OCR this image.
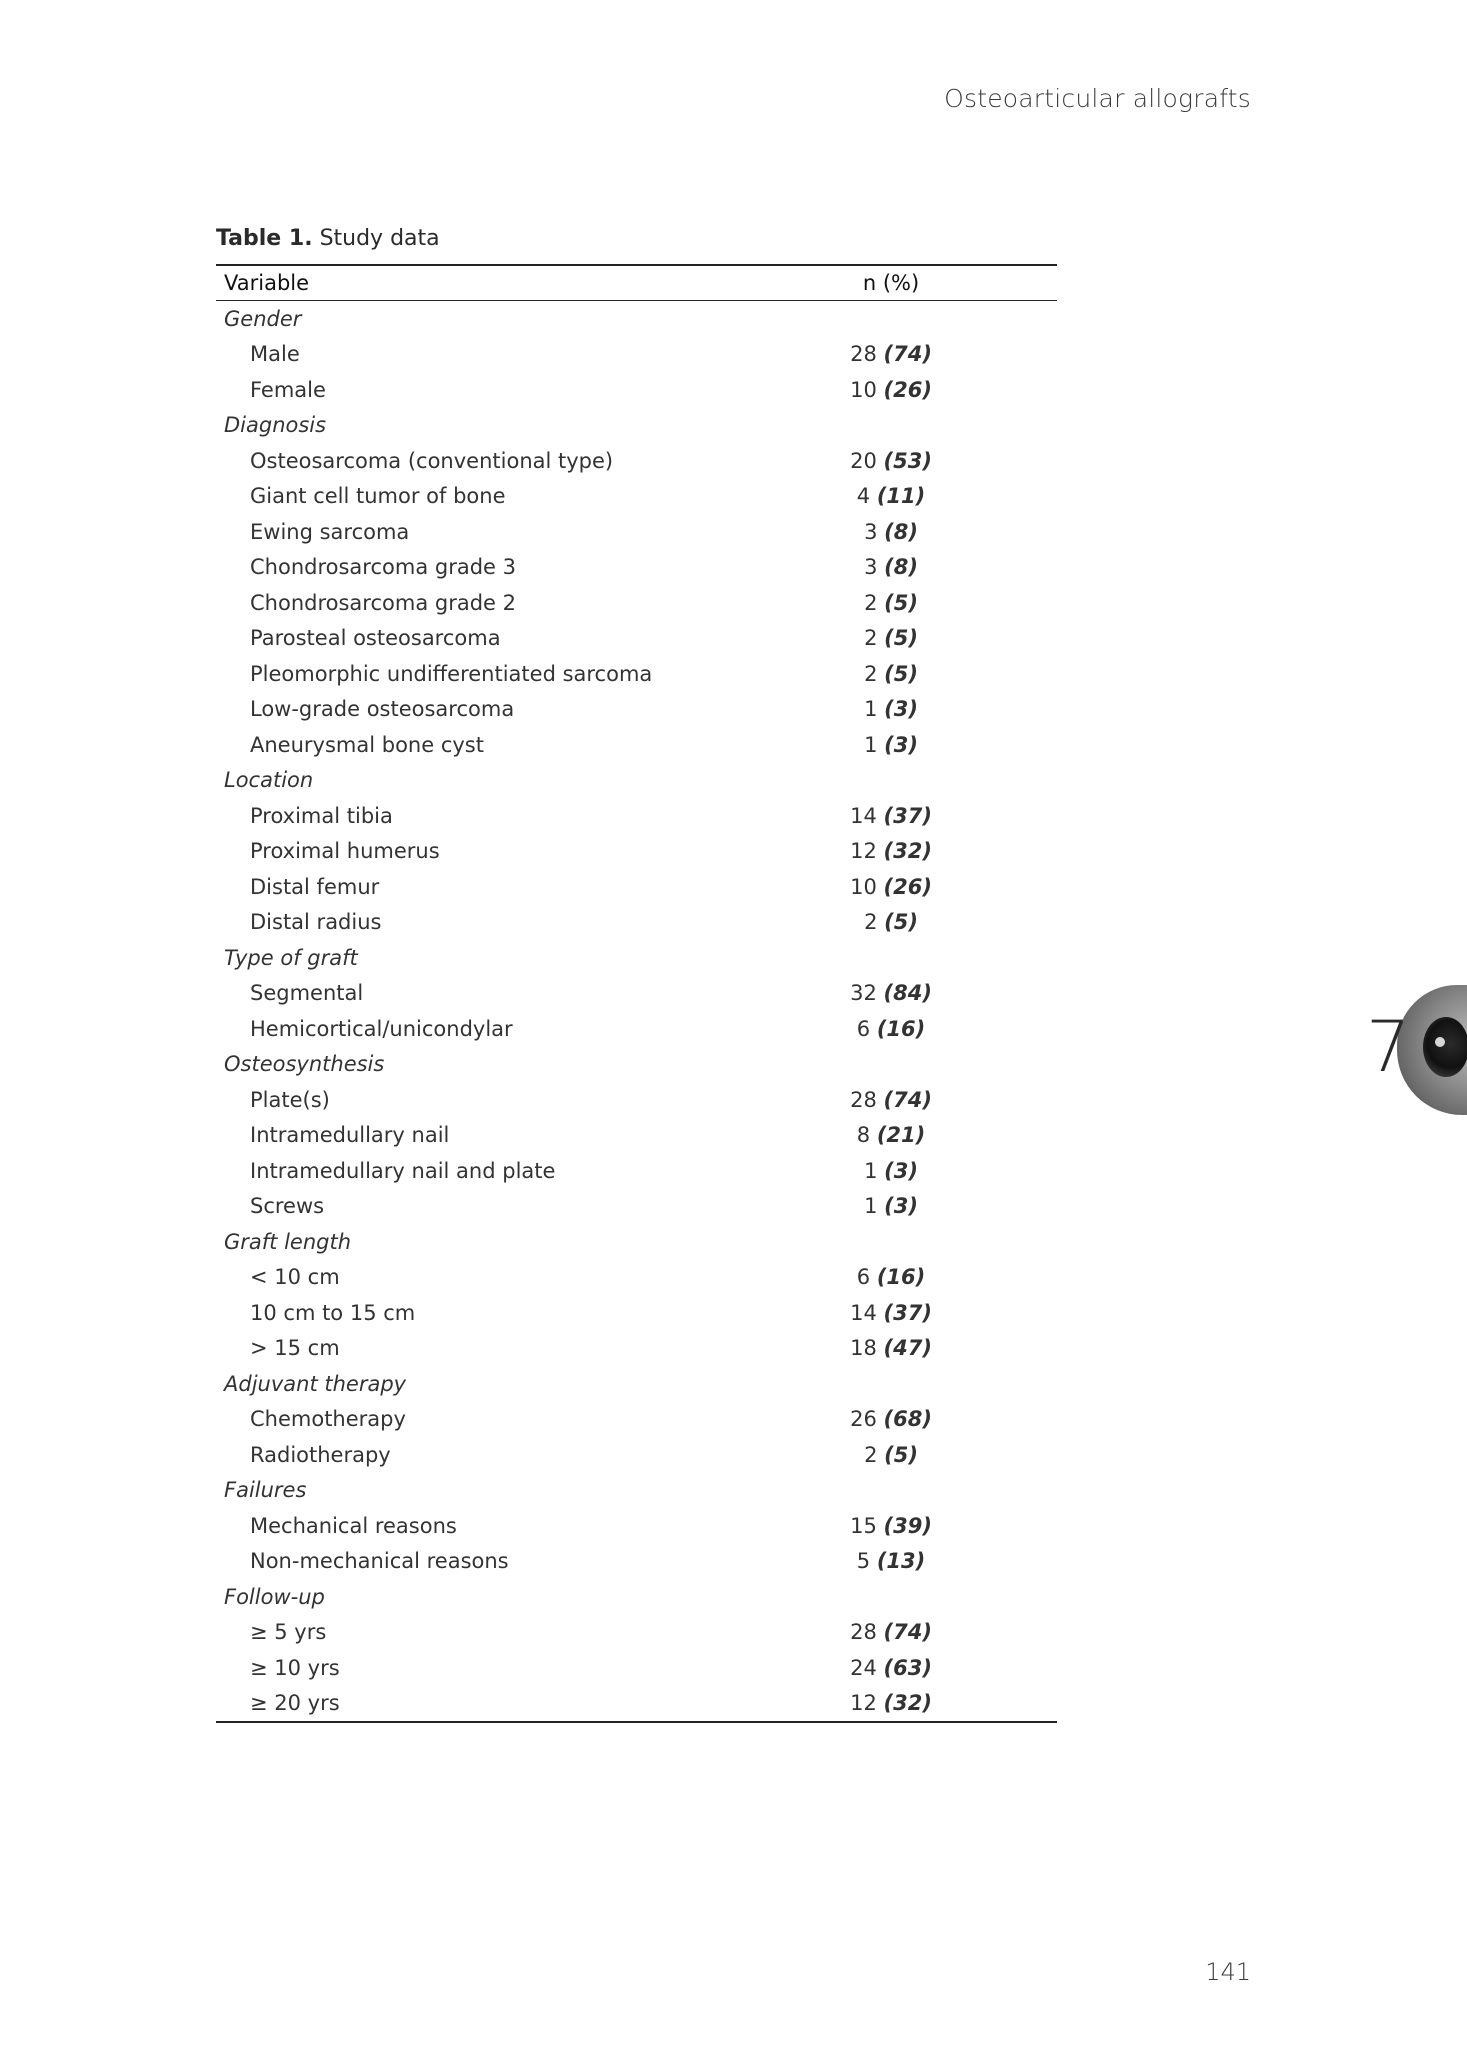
Osteoarticular allografts
Table 1. Study data
Variable	n (%)
Gender	
Male	28 (74)
Female	10 (26)
Diagnosis	
Osteosarcoma (conventional type)	20 (53)
Giant cell tumor of bone	4 (11)
Ewing sarcoma	3 (8)
Chondrosarcoma grade 3	3 (8)
Chondrosarcoma grade 2	2 (5)
Parosteal osteosarcoma	2 (5)
Pleomorphic undifferentiated sarcoma	2 (5)
Low-grade osteosarcoma	1 (3)
Aneurysmal bone cyst	1 (3)
Location	
Proximal tibia	14 (37)
Proximal humerus	12 (32)
Distal femur	10 (26)
Distal radius	2 (5)
Type of graft	
Segmental	32 (84)
Hemicortical/unicondylar	6 (16)
Osteosynthesis	
Plate(s)	28 (74)
Intramedullary nail	8 (21)
Intramedullary nail and plate	1 (3)
Screws	1 (3)
Graft length	
< 10 cm	6 (16)
10 cm to 15 cm	14 (37)
> 15 cm	18 (47)
Adjuvant therapy	
Chemotherapy	26 (68)
Radiotherapy	2 (5)
Failures	
Mechanical reasons	15 (39)
Non-mechanical reasons	5 (13)
Follow-up	
≥ 5 yrs	28 (74)
≥ 10 yrs	24 (63)
≥ 20 yrs	12 (32)
7
141
